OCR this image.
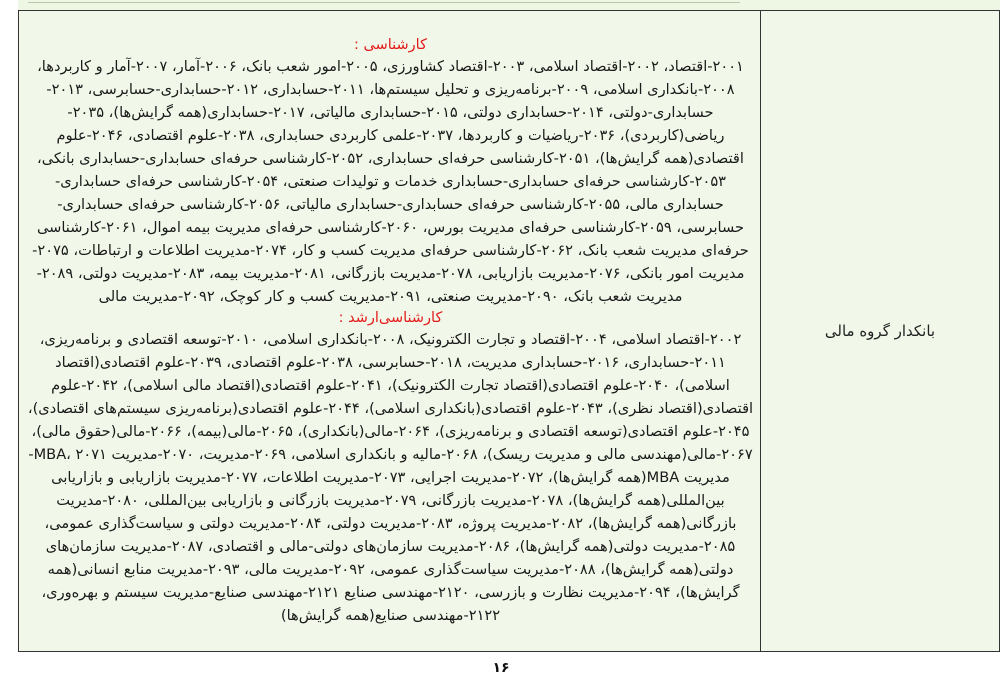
بانکدار گروه مالی	
کارشناسی :
۲۰۰۱-اقتصاد، ۲۰۰۲-اقتصاد اسلامی، ۲۰۰۳-اقتصاد کشاورزی، ۲۰۰۵-امور شعب بانک، ۲۰۰۶-آمار، ۲۰۰۷-آمار و کاربردها، ۲۰۰۸-بانکداری اسلامی، ۲۰۰۹-برنامه‌ریزی و تحلیل سیستم‌ها، ۲۰۱۱-حسابداری، ۲۰۱۲-حسابداری-حسابرسی، ۲۰۱۳-حسابداری-دولتی، ۲۰۱۴-حسابداری دولتی، ۲۰۱۵-حسابداری مالیاتی، ۲۰۱۷-حسابداری(همه گرایش‌ها)، ۲۰۳۵-ریاضی(کاربردی)، ۲۰۳۶-ریاضیات و کاربردها، ۲۰۳۷-علمی کاربردی حسابداری، ۲۰۳۸-علوم اقتصادی، ۲۰۴۶-علوم اقتصادی(همه گرایش‌ها)، ۲۰۵۱-کارشناسی حرفه‌ای حسابداری، ۲۰۵۲-کارشناسی حرفه‌ای حسابداری-حسابداری بانکی، ۲۰۵۳-کارشناسی حرفه‌ای حسابداری-حسابداری خدمات و تولیدات صنعتی، ۲۰۵۴-کارشناسی حرفه‌ای حسابداری-حسابداری مالی، ۲۰۵۵-کارشناسی حرفه‌ای حسابداری-حسابداری مالیاتی، ۲۰۵۶-کارشناسی حرفه‌ای حسابداری-حسابرسی، ۲۰۵۹-کارشناسی حرفه‌ای مدیریت بورس، ۲۰۶۰-کارشناسی حرفه‌ای مدیریت بیمه اموال، ۲۰۶۱-کارشناسی حرفه‌ای مدیریت شعب بانک، ۲۰۶۲-کارشناسی حرفه‌ای مدیریت کسب و کار، ۲۰۷۴-مدیریت اطلاعات و ارتباطات، ۲۰۷۵-مدیریت امور بانکی، ۲۰۷۶-مدیریت بازاریابی، ۲۰۷۸-مدیریت بازرگانی، ۲۰۸۱-مدیریت بیمه، ۲۰۸۳-مدیریت دولتی، ۲۰۸۹-مدیریت شعب بانک، ۲۰۹۰-مدیریت صنعتی، ۲۰۹۱-مدیریت کسب و کار کوچک، ۲۰۹۲-مدیریت مالی
کارشناسی‌ارشد :
۲۰۰۲-اقتصاد اسلامی، ۲۰۰۴-اقتصاد و تجارت الکترونیک، ۲۰۰۸-بانکداری اسلامی، ۲۰۱۰-توسعه اقتصادی و برنامه‌ریزی، ۲۰۱۱-حسابداری، ۲۰۱۶-حسابداری مدیریت، ۲۰۱۸-حسابرسی، ۲۰۳۸-علوم اقتصادی، ۲۰۳۹-علوم اقتصادی(اقتصاد اسلامی)، ۲۰۴۰-علوم اقتصادی(اقتصاد تجارت الکترونیک)، ۲۰۴۱-علوم اقتصادی(اقتصاد مالی اسلامی)، ۲۰۴۲-علوم اقتصادی(اقتصاد نظری)، ۲۰۴۳-علوم اقتصادی(بانکداری اسلامی)، ۲۰۴۴-علوم اقتصادی(برنامه‌ریزی سیستم‌های اقتصادی)، ۲۰۴۵-علوم اقتصادی(توسعه اقتصادی و برنامه‌ریزی)، ۲۰۶۴-مالی(بانکداری)، ۲۰۶۵-مالی(بیمه)، ۲۰۶۶-مالی(حقوق مالی)، ۲۰۶۷-مالی(مهندسی مالی و مدیریت ریسک)، ۲۰۶۸-مالیه و بانکداری اسلامی، ۲۰۶۹-مدیریت، ۲۰۷۰-مدیریت MBA، ۲۰۷۱-مدیریت MBA(همه گرایش‌ها)، ۲۰۷۲-مدیریت اجرایی، ۲۰۷۳-مدیریت اطلاعات، ۲۰۷۷-مدیریت بازاریابی و بازاریابی بین‌المللی(همه گرایش‌ها)، ۲۰۷۸-مدیریت بازرگانی، ۲۰۷۹-مدیریت بازرگانی و بازاریابی بین‌المللی، ۲۰۸۰-مدیریت بازرگانی(همه گرایش‌ها)، ۲۰۸۲-مدیریت پروژه، ۲۰۸۳-مدیریت دولتی، ۲۰۸۴-مدیریت دولتی و سیاست‌گذاری عمومی، ۲۰۸۵-مدیریت دولتی(همه گرایش‌ها)، ۲۰۸۶-مدیریت سازمان‌های دولتی-مالی و اقتصادی، ۲۰۸۷-مدیریت سازمان‌های دولتی(همه گرایش‌ها)، ۲۰۸۸-مدیریت سیاست‌گذاری عمومی، ۲۰۹۲-مدیریت مالی، ۲۰۹۳-مدیریت منابع انسانی(همه گرایش‌ها)، ۲۰۹۴-مدیریت نظارت و بازرسی، ۲۱۲۰-مهندسی صنایع ۲۱۲۱-مهندسی صنایع-مدیریت سیستم و بهره‌وری، ۲۱۲۲-مهندسی صنایع(همه گرایش‌ها)
۱۶
